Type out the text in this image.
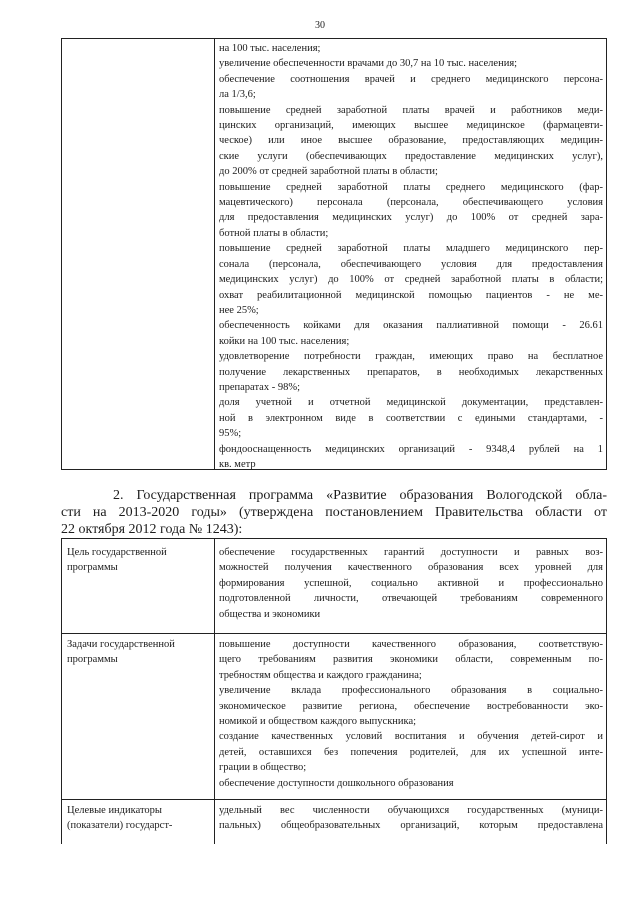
30
на 100 тыс. населения;
увеличение обеспеченности врачами до 30,7 на 10 тыс. населения;
обеспечение соотношения врачей и среднего медицинского персона-
ла 1/3,6;
повышение средней заработной платы врачей и работников меди-
цинских организаций, имеющих высшее медицинское (фармацевти-
ческое) или иное высшее образование, предоставляющих медицин-
ские услуги (обеспечивающих предоставление медицинских услуг),
до 200% от средней заработной платы в области;
повышение средней заработной платы среднего медицинского (фар-
мацевтического) персонала (персонала, обеспечивающего условия
для предоставления медицинских услуг) до 100% от средней зара-
ботной платы в области;
повышение средней заработной платы младшего медицинского пер-
сонала (персонала, обеспечивающего условия для предоставления
медицинских услуг) до 100% от средней заработной платы в области;
охват реабилитационной медицинской помощью пациентов - не ме-
нее 25%;
обеспеченность койками для оказания паллиативной помощи - 26.61
койки на 100 тыс. населения;
удовлетворение потребности граждан, имеющих право на бесплатное
получение лекарственных препаратов, в необходимых лекарственных
препаратах - 98%;
доля учетной и отчетной медицинской документации, представлен-
ной в электронном виде в соответствии с едиными стандартами, -
95%;
фондооснащенность медицинских организаций - 9348,4 рублей на 1
кв. метр
2. Государственная программа «Развитие образования Вологодской обла-
сти на 2013-2020 годы» (утверждена постановлением Правительства области от
22 октября 2012 года № 1243):
Цель государственной
программы
обеспечение государственных гарантий доступности и равных воз-
можностей получения качественного образования всех уровней для
формирования успешной, социально активной и профессионально
подготовленной личности, отвечающей требованиям современного
общества и экономики
Задачи государственной
программы
повышение доступности качественного образования, соответствую-
щего требованиям развития экономики области, современным по-
требностям общества и каждого гражданина;
увеличение вклада профессионального образования в социально-
экономическое развитие региона, обеспечение востребованности эко-
номикой и обществом каждого выпускника;
создание качественных условий воспитания и обучения детей-сирот и
детей, оставшихся без попечения родителей, для их успешной инте-
грации в общество;
обеспечение доступности дошкольного образования
Целевые индикаторы
(показатели) государст-
удельный вес численности обучающихся государственных (муници-
пальных) общеобразовательных организаций, которым предоставлена
